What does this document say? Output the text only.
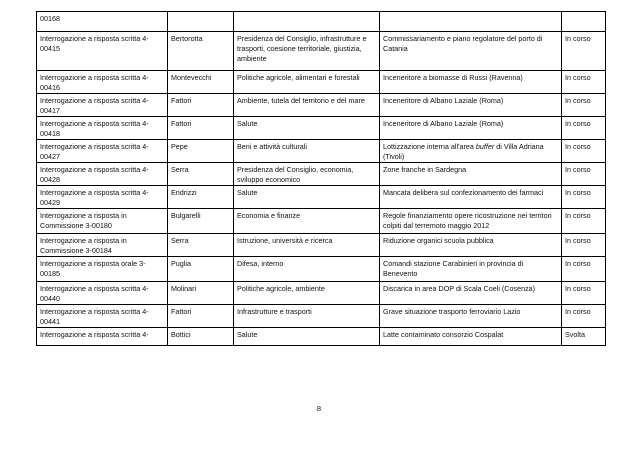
00168				
Interrogazione a risposta scritta 4-00415	Bertorotta	Presidenza del Consiglio, infrastrutture e trasporti, coesione territoriale, giustizia, ambiente	Commissariamento e piano regolatore del porto di Catania	In corso
Interrogazione a risposta scritta 4-00416	Montevecchi	Politiche agricole, alimentari e forestali	Inceneritore a biomasse di Russi (Ravenna)	In corso
Interrogazione a risposta scritta 4-00417	Fattori	Ambiente, tutela del territorio e del mare	Inceneritore di Albano Laziale (Roma)	In corso
Interrogazione a risposta scritta 4-00418	Fattori	Salute	Inceneritore di Albano Laziale (Roma)	In corso
Interrogazione a risposta scritta 4-00427	Pepe	Beni e attività culturali	Lottizzazione interna all'area buffer di Villa Adriana (Tivoli)	In corso
Interrogazione a risposta scritta 4-00428	Serra	Presidenza del Consiglio, economia, sviluppo economico	Zone franche in Sardegna	In corso
Interrogazione a risposta scritta 4-00429	Endrizzi	Salute	Mancata delibera sul confezionamento dei farmaci	In corso
Interrogazione a risposta in Commissione 3-00180	Bulgarelli	Economia e finanze	Regole finanziamento opere ricostruzione nei territori colpiti dal terremoto maggio 2012	In corso
Interrogazione a risposta in Commissione 3-00184	Serra	Istruzione, università e ricerca	Riduzione organici scuola pubblica	In corso
Interrogazione a risposta orale 3-00185	Puglia	Difesa, interno	Comandi stazione Carabinieri in provincia di Benevento	In corso
Interrogazione a risposta scritta 4-00440	Molinari	Politiche agricole, ambiente	Discarica in area DOP di Scala Coeli (Cosenza)	In corso
Interrogazione a risposta scritta 4-00441	Fattori	Infrastrutture e trasporti	Grave situazione trasporto ferroviario Lazio	In corso
Interrogazione a risposta scritta 4-	Bottici	Salute	Latte contaminato consorzio Cospalat	Svolta
8
